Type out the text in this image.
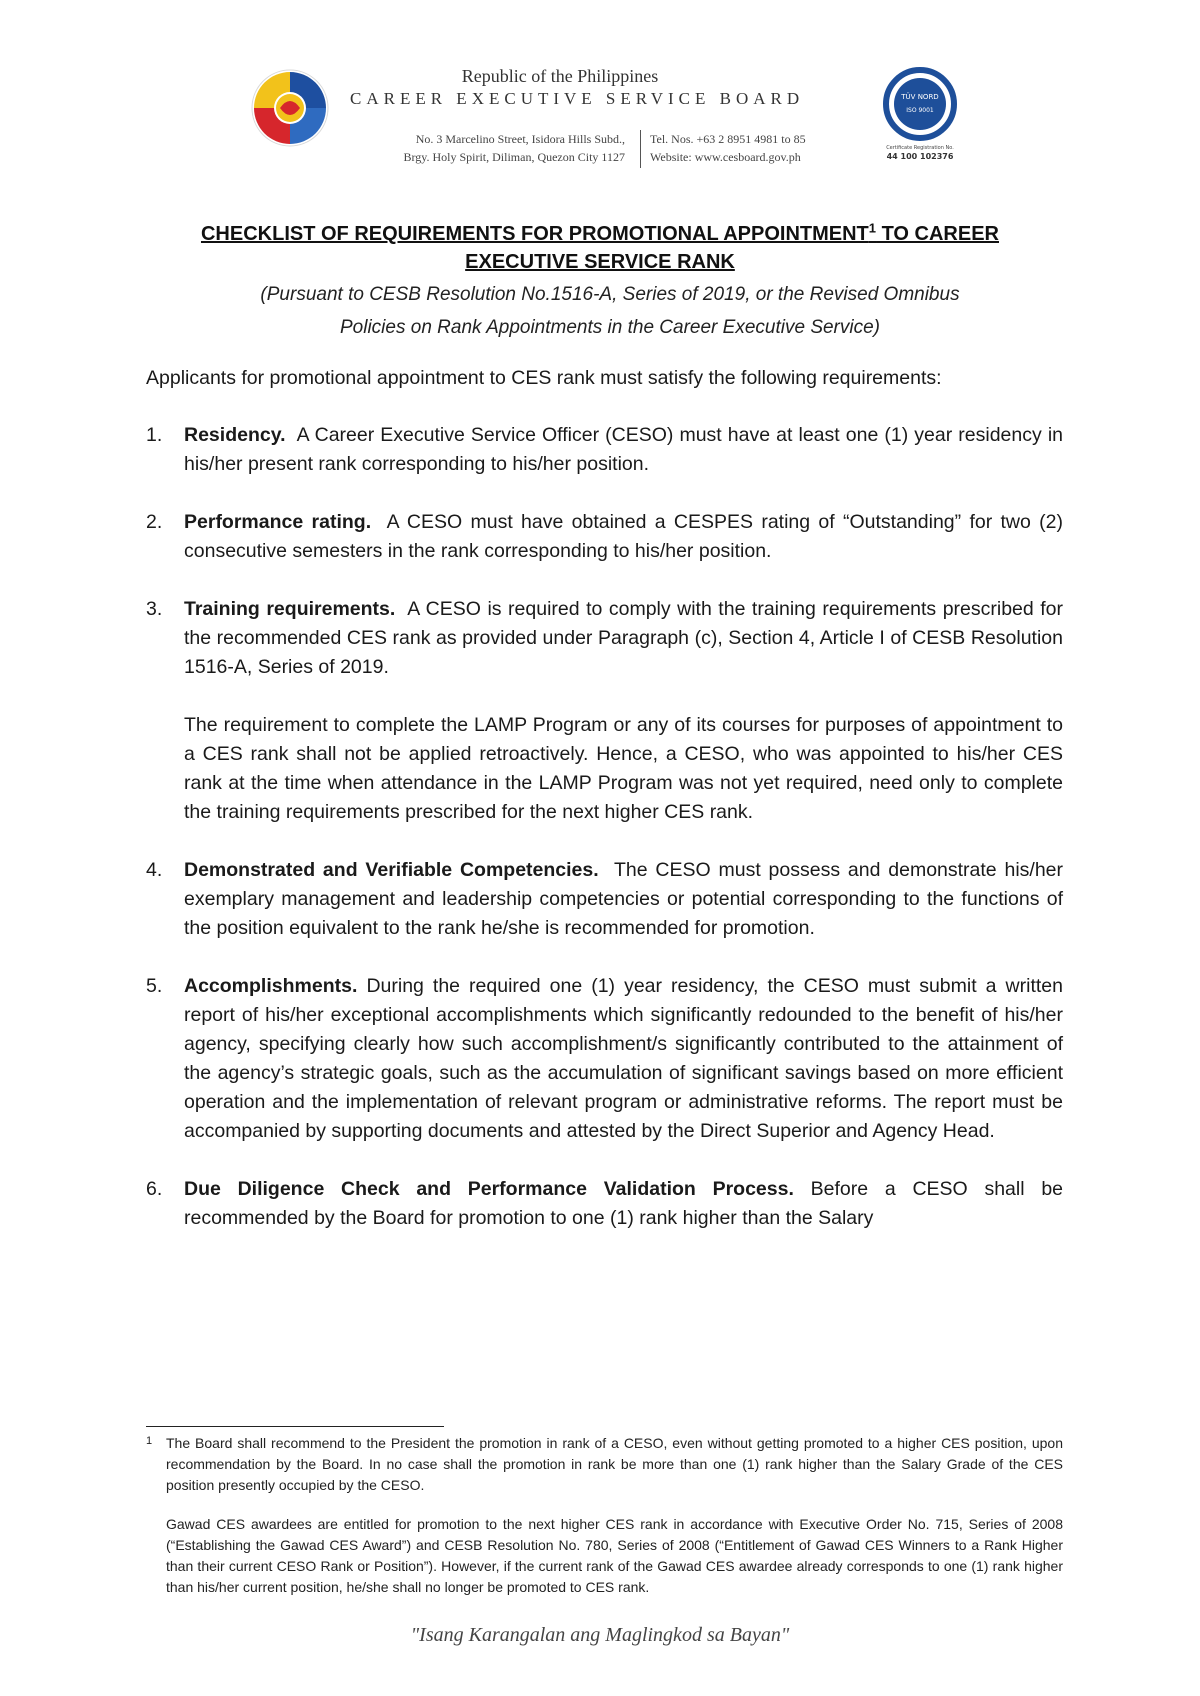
Republic of the Philippines
CAREER EXECUTIVE SERVICE BOARD
No. 3 Marcelino Street, Isidora Hills Subd.,
Brgy. Holy Spirit, Diliman, Quezon City 1127
Tel. Nos. +63 2 8951 4981 to 85
Website: www.cesboard.gov.ph
TÜV NORD
ISO 9001
Certificate Registration No.
44 100 102376
CHECKLIST OF REQUIREMENTS FOR PROMOTIONAL APPOINTMENT$^1$ TO CAREER
EXECUTIVE SERVICE RANK
(Pursuant to CESB Resolution No.1516-A, Series of 2019, or the Revised Omnibus
Policies on Rank Appointments in the Career Executive Service)

Applicants for promotional appointment to CES rank must satisfy the following requirements:

1. Residency. A Career Executive Service Officer (CESO) must have at least one (1) year residency in his/her present rank corresponding to his/her position.
2. Performance rating. A CESO must have obtained a CESPES rating of “Outstanding” for two (2) consecutive semesters in the rank corresponding to his/her position.
3. Training requirements. A CESO is required to comply with the training requirements prescribed for the recommended CES rank as provided under Paragraph (c), Section 4, Article I of CESB Resolution 1516-A, Series of 2019.
The requirement to complete the LAMP Program or any of its courses for purposes of appointment to a CES rank shall not be applied retroactively. Hence, a CESO, who was appointed to his/her CES rank at the time when attendance in the LAMP Program was not yet required, need only to complete the training requirements prescribed for the next higher CES rank.
4. Demonstrated and Verifiable Competencies. The CESO must possess and demonstrate his/her exemplary management and leadership competencies or potential corresponding to the functions of the position equivalent to the rank he/she is recommended for promotion.
5. Accomplishments. During the required one (1) year residency, the CESO must submit a written report of his/her exceptional accomplishments which significantly redounded to the benefit of his/her agency, specifying clearly how such accomplishment/s significantly contributed to the attainment of the agency’s strategic goals, such as the accumulation of significant savings based on more efficient operation and the implementation of relevant program or administrative reforms. The report must be accompanied by supporting documents and attested by the Direct Superior and Agency Head.
6. Due Diligence Check and Performance Validation Process. Before a CESO shall be recommended by the Board for promotion to one (1) rank higher than the Salary
1 The Board shall recommend to the President the promotion in rank of a CESO, even without getting promoted to a higher CES position, upon recommendation by the Board. In no case shall the promotion in rank be more than one (1) rank higher than the Salary Grade of the CES position presently occupied by the CESO.

Gawad CES awardees are entitled for promotion to the next higher CES rank in accordance with Executive Order No. 715, Series of 2008 (“Establishing the Gawad CES Award”) and CESB Resolution No. 780, Series of 2008 (“Entitlement of Gawad CES Winners to a Rank Higher than their current CESO Rank or Position”). However, if the current rank of the Gawad CES awardee already corresponds to one (1) rank higher than his/her current position, he/she shall no longer be promoted to CES rank.

"Isang Karangalan ang Maglingkod sa Bayan"
